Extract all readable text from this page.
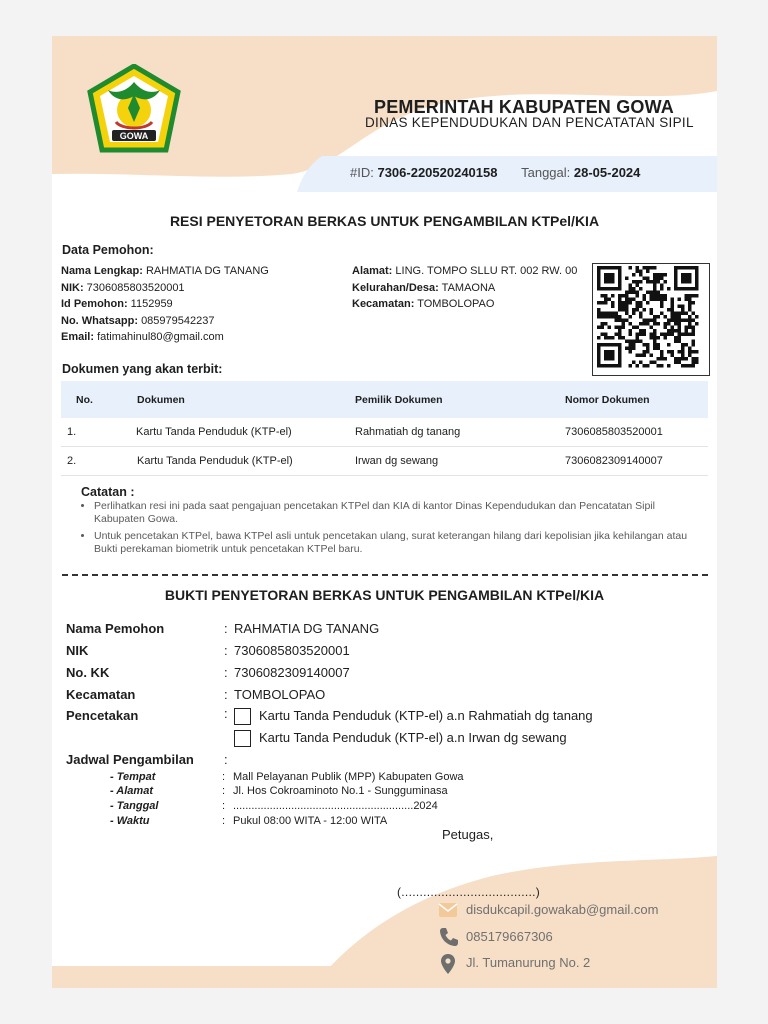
GOWA
PEMERINTAH KABUPATEN GOWA
DINAS KEPENDUDUKAN DAN PENCATATAN SIPIL
#ID: 7306-220520240158 Tanggal: 28-05-2024
RESI PENYETORAN BERKAS UNTUK PENGAMBILAN KTPel/KIA
Data Pemohon:
Nama Lengkap: RAHMATIA DG TANANG
NIK: 7306085803520001
Id Pemohon: 1152959
No. Whatsapp: 085979542237
Email: fatimahinul80@gmail.com
Alamat: LING. TOMPO SLLU RT. 002 RW. 00
Kelurahan/Desa: TAMAONA
Kecamatan: TOMBOLOPAO
Dokumen yang akan terbit:
No.	Dokumen	Pemilik Dokumen	Nomor Dokumen
1.	Kartu Tanda Penduduk (KTP-el)	Rahmatiah dg tanang	7306085803520001
2.	Kartu Tanda Penduduk (KTP-el)	Irwan dg sewang	7306082309140007
Catatan :
• Perlihatkan resi ini pada saat pengajuan pencetakan KTPel dan KIA di kantor Dinas Kependudukan dan Pencatatan Sipil Kabupaten Gowa.
• Untuk pencetakan KTPel, bawa KTPel asli untuk pencetakan ulang, surat keterangan hilang dari kepolisian jika kehilangan atau Bukti perekaman biometrik untuk pencetakan KTPel baru.
BUKTI PENYETORAN BERKAS UNTUK PENGAMBILAN KTPel/KIA
Nama Pemohon	: RAHMATIA DG TANANG
NIK	: 7306085803520001
No. KK	: 7306082309140007
Kecamatan	: TOMBOLOPAO
Pencetakan	:	Kartu Tanda Penduduk (KTP-el) a.n Rahmatiah dg tanang
Kartu Tanda Penduduk (KTP-el) a.n Irwan dg sewang
Jadwal Pengambilan :
- Tempat	: Mall Pelayanan Publik (MPP) Kabupaten Gowa
- Alamat	: Jl. Hos Cokroaminoto No.1 - Sungguminasa
- Tanggal	: ...........................................................2024
- Waktu	: Pukul 08:00 WITA - 12:00 WITA
Petugas,
(.....................................)
disdukcapil.gowakab@gmail.com
085179667306
Jl. Tumanurung No. 2
